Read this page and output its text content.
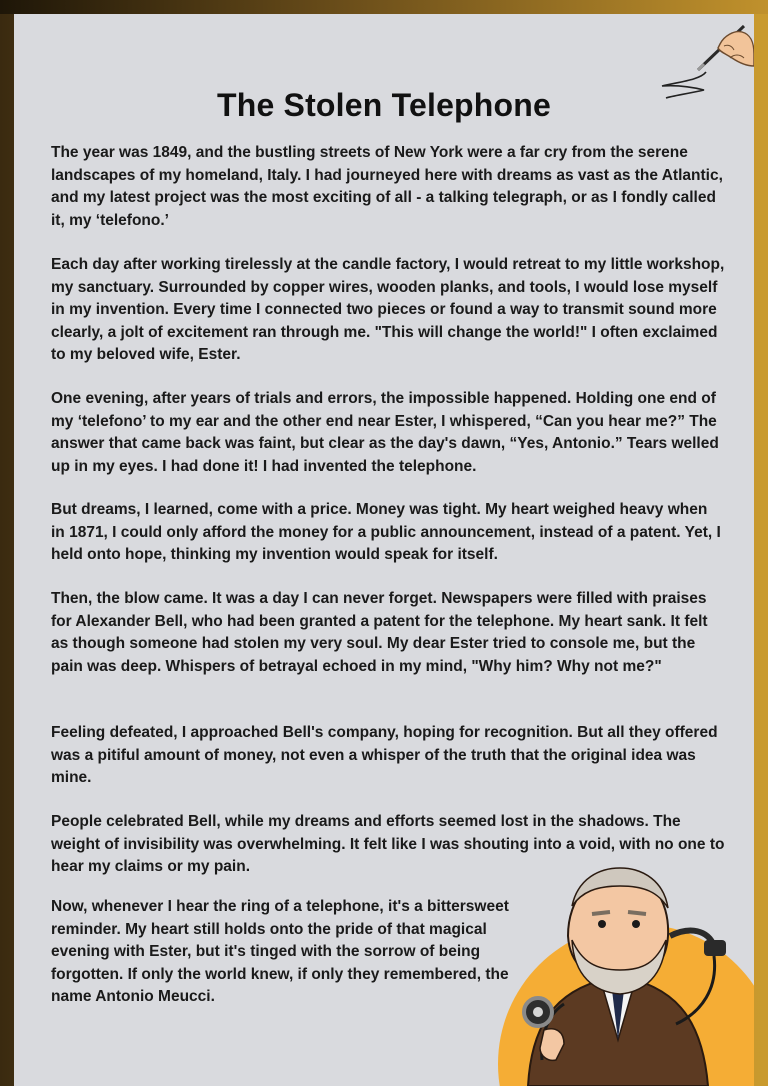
The Stolen Telephone

The year was 1849, and the bustling streets of New York were a far cry from the serene landscapes of my homeland, Italy. I had journeyed here with dreams as vast as the Atlantic, and my latest project was the most exciting of all - a talking telegraph, or as I fondly called it, my ‘telefono.’

Each day after working tirelessly at the candle factory, I would retreat to my little workshop, my sanctuary. Surrounded by copper wires, wooden planks, and tools, I would lose myself in my invention. Every time I connected two pieces or found a way to transmit sound more clearly, a jolt of excitement ran through me. "This will change the world!" I often exclaimed to my beloved wife, Ester.

One evening, after years of trials and errors, the impossible happened. Holding one end of my ‘telefono’ to my ear and the other end near Ester, I whispered, “Can you hear me?” The answer that came back was faint, but clear as the day's dawn, “Yes, Antonio.” Tears welled up in my eyes. I had done it! I had invented the telephone.

But dreams, I learned, come with a price. Money was tight. My heart weighed heavy when in 1871, I could only afford the money for a public announcement, instead of a patent. Yet, I held onto hope, thinking my invention would speak for itself.

Then, the blow came. It was a day I can never forget. Newspapers were filled with praises for Alexander Bell, who had been granted a patent for the telephone. My heart sank. It felt as though someone had stolen my very soul. My dear Ester tried to console me, but the pain was deep. Whispers of betrayal echoed in my mind, "Why him? Why not me?"

Feeling defeated, I approached Bell's company, hoping for recognition. But all they offered was a pitiful amount of money, not even a whisper of the truth that the original idea was mine.

People celebrated Bell, while my dreams and efforts seemed lost in the shadows. The weight of invisibility was overwhelming. It felt like I was shouting into a void, with no one to hear my claims or my pain.

Now, whenever I hear the ring of a telephone, it's a bittersweet reminder. My heart still holds onto the pride of that magical evening with Ester, but it's tinged with the sorrow of being forgotten. If only the world knew, if only they remembered, the name Antonio Meucci.
